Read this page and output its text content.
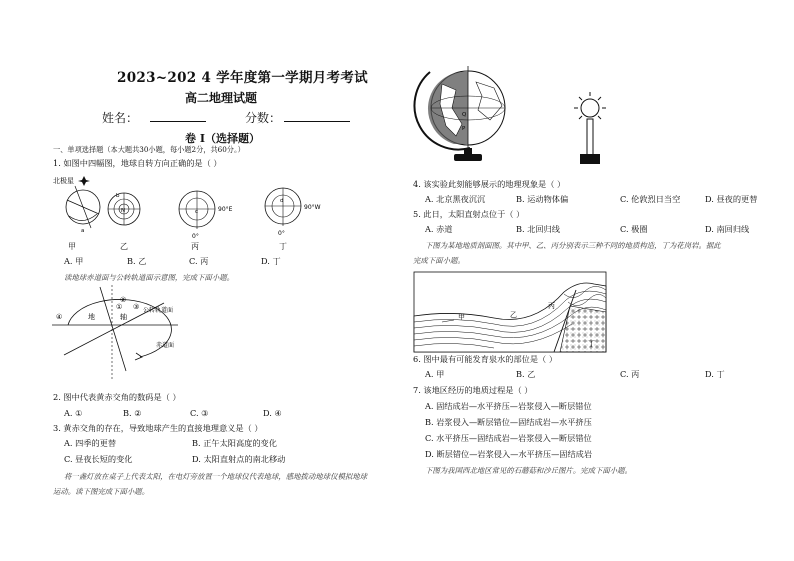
2023~202 4 学年度第一学期月考考试
高二地理试题
姓名：	分数：
卷 I（选择题）
一、单项选择题（本大题共30小题，每小题2分，共60分。）
1. 如图中四幅图，地球自转方向正确的是（ ）
北极星
a
N
b
c	90°E
0°
d
90°W
0°
甲	乙	丙	丁
A. 甲	B. 乙	C. 丙	D. 丁
读地球赤道面与公转轨道面示意图，完成下面小题。
地	轴
①
②
③
④
公转轨道面
赤道面
2. 图中代表黄赤交角的数码是（ ）
A. ①	B. ②	C. ③	D. ④
3. 黄赤交角的存在，导致地球产生的直接地理意义是（ ）
A. 四季的更替	B. 正午太阳高度的变化
C. 昼夜长短的变化	D. 太阳直射点的南北移动
将一盏灯放在桌子上代表太阳，在电灯旁放置一个地球仪代表地球，感地拨动地球仪模拟地球
运动。读下图完成下面小题。
Q
P
4. 该实验此刻能够展示的地理现象是（ ）
A. 北京黑夜沉沉	B. 运动物体偏	C. 伦敦烈日当空	D. 昼夜的更替
5. 此日，太阳直射点位于（ ）
A. 赤道	B. 北回归线	C. 极圈	D. 南回归线
下图为某地地质剖面图。其中甲、乙、丙分别表示三种不同的地质构造，丁为花岗岩。据此
完成下面小题。
甲	乙
丙
丁
6. 图中最有可能发育泉水的部位是（ ）
A. 甲	B. 乙	C. 丙	D. 丁
7. 该地区经历的地质过程是（ ）
A. 固结成岩—水平挤压—岩浆侵入—断层错位
B. 岩浆侵入—断层错位—固结成岩—水平挤压
C. 水平挤压—固结成岩—岩浆侵入—断层错位
D. 断层错位—岩浆侵入—水平挤压—固结成岩
下图为我国西北地区常见的石蘑菇和沙丘图片。完成下面小题。
